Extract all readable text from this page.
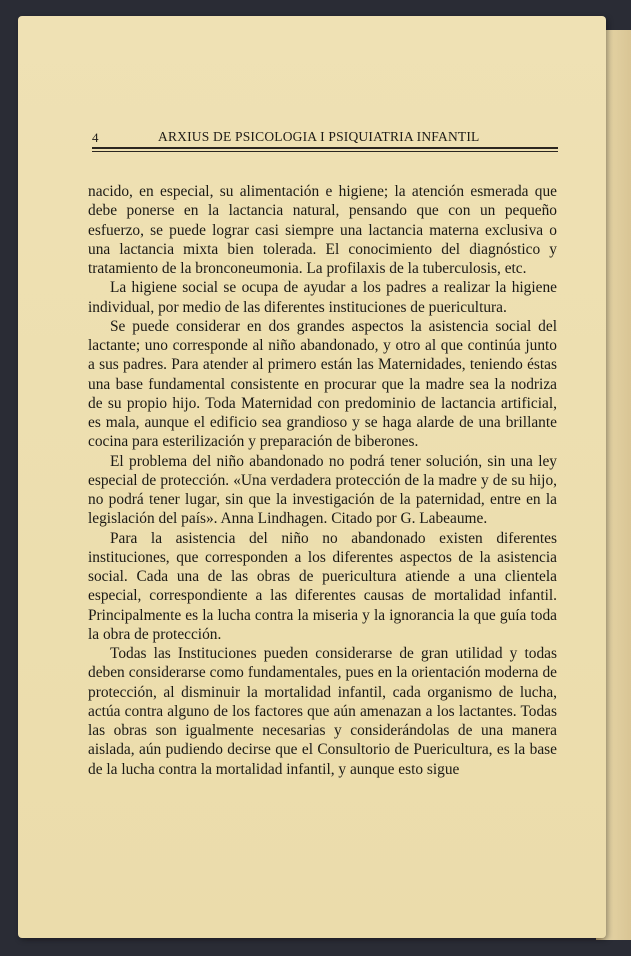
4	ARXIUS DE PSICOLOGIA I PSIQUIATRIA INFANTIL

nacido, en especial, su alimentación e higiene; la atención esmerada que debe ponerse en la lactancia natural, pensando que con un pequeño esfuerzo, se puede lograr casi siempre una lactancia materna exclusiva o una lactancia mixta bien tolerada. El conocimiento del diagnóstico y tratamiento de la bronconeumonia. La profilaxis de la tuberculosis, etc.

La higiene social se ocupa de ayudar a los padres a realizar la higiene individual, por medio de las diferentes instituciones de puericultura.

Se puede considerar en dos grandes aspectos la asistencia social del lactante; uno corresponde al niño abandonado, y otro al que continúa junto a sus padres. Para atender al primero están las Maternidades, teniendo éstas una base fundamental consistente en procurar que la madre sea la nodriza de su propio hijo. Toda Maternidad con predominio de lactancia artificial, es mala, aunque el edificio sea grandioso y se haga alarde de una brillante cocina para esterilización y preparación de biberones.

El problema del niño abandonado no podrá tener solución, sin una ley especial de protección. «Una verdadera protección de la madre y de su hijo, no podrá tener lugar, sin que la investigación de la paternidad, entre en la legislación del país». Anna Lindhagen. Citado por G. Labeaume.

Para la asistencia del niño no abandonado existen diferentes instituciones, que corresponden a los diferentes aspectos de la asistencia social. Cada una de las obras de puericultura atiende a una clientela especial, correspondiente a las diferentes causas de mortalidad infantil. Principalmente es la lucha contra la miseria y la ignorancia la que guía toda la obra de protección.

Todas las Instituciones pueden considerarse de gran utilidad y todas deben considerarse como fundamentales, pues en la orientación moderna de protección, al disminuir la mortalidad infantil, cada organismo de lucha, actúa contra alguno de los factores que aún amenazan a los lactantes. Todas las obras son igualmente necesarias y considerándolas de una manera aislada, aún pudiendo decirse que el Consultorio de Puericultura, es la base de la lucha contra la mortalidad infantil, y aunque esto sigue
